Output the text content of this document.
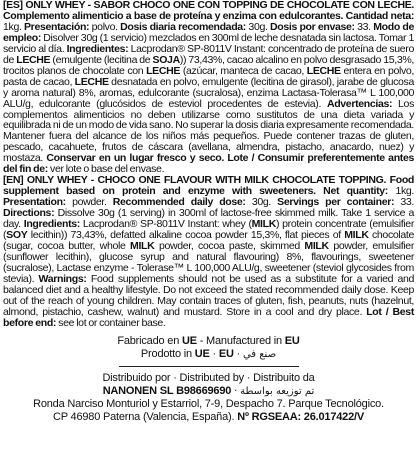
[ES] ONLY WHEY - SABOR CHOCO ONE CON TOPPING DE CHOCOLATE CON LECHE. Complemento alimenticio a base de proteína y enzima con edulcorantes. Cantidad neta: 1kg. Presentación: polvo. Dosis diaria recomendada: 30g. Dosis por envase: 33. Modo de empleo: Disolver 30g (1 servicio) mezclados en 300ml de leche desnatada sin lactosa. Tomar 1 servicio al día. Ingredientes: Lacprodan® SP-8011V Instant: concentrado de proteína de suero de LECHE (emulgente (lecitina de SOJA)) 73,43%, cacao alcalino en polvo desgrasado 15,3%, trocitos planos de chocolate con LECHE (azúcar, manteca de cacao, LECHE entera en polvo, pasta de cacao, LECHE desnatada en polvo, emulgente (lecitina de girasol), jarabe de glucosa y aroma natural) 8%, aromas, edulcorante (sucralosa), enzima Lactasa-Tolerasa™ L 100,000 ALU/g, edulcorante (glucósidos de esteviol procedentes de estevia). Advertencias: Los complementos alimenticios no deben utilizarse como sustitutos de una dieta variada y equilibrada ni de un modo de vida sano. No superar la dosis diaria expresamente recomendada. Mantener fuera del alcance de los niños más pequeños. Puede contener trazas de gluten, pescado, cacahuete, frutos de cáscara (avellana, almendra, pistacho, anacardo, nuez) y mostaza. Conservar en un lugar fresco y seco. Lote / Consumir preferentemente antes del fin de: ver lote o base del envase.

[EN] ONLY WHEY - CHOCO ONE FLAVOUR WITH MILK CHOCOLATE TOPPING. Food supplement based on protein and enzyme with sweeteners. Net quantity: 1kg. Presentation: powder. Recommended daily dose: 30g. Servings per container: 33. Directions: Dissolve 30g (1 serving) in 300ml of lactose-free skimmed milk. Take 1 service a day. Ingredients: Lacprodan® SP-8011V Instant: whey (MILK) protein concentrate (emulsifier (SOY lecithin)) 73,43%, defatted alkaline cocoa powder 15,3%, flat pieces of MILK chocolate (sugar, cocoa butter, whole MILK powder, cocoa paste, skimmed MILK powder, emulsifier (sunflower lecithin), glucose syrup and natural flavouring) 8%, flavourings, sweetener (sucralose), Lactase enzyme - Tolerase™ L 100,000 ALU/g, sweetener (steviol glycosides from stevia). Warnings: Food supplements should not be used as a substitute for a varied and balanced diet and a healthy lifestyle. Do not exceed the stated recommended daily dose. Keep out of the reach of young children. May contain traces of gluten, fish, peanuts, nuts (hazelnut, almond, pistachio, cashew, walnut) and mustard. Store in a cool and dry place. Lot / Best before end: see lot or container base.

Fabricado en UE - Manufactured in EU
Prodotto in UE · EU · صنع في
Distribuido por · Distributed by · Distribuito da
NANONEN SL B98669690 · تم توزيعه بواسطة
Ronda Narciso Monturiol y Estarriol, 7-9, Despacho 7. Parque Tecnológico.
CP 46980 Paterna (Valencia, España). Nº RGSEAA: 26.017422/V
